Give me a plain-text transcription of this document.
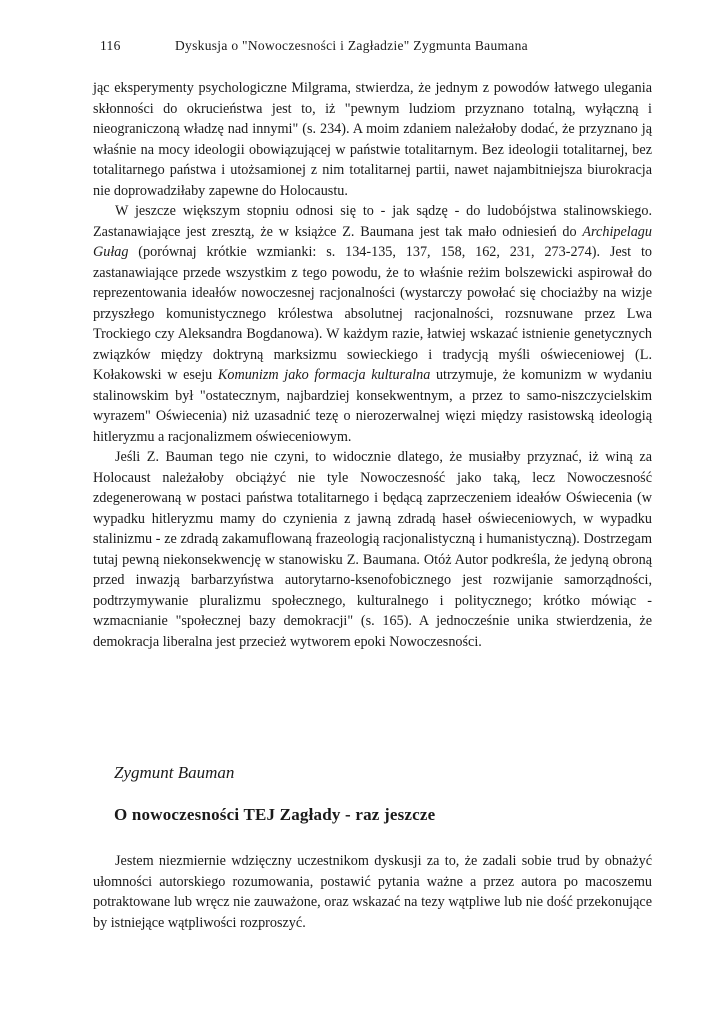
116	Dyskusja o "Nowoczesności i Zagładzie" Zygmunta Baumana

jąc eksperymenty psychologiczne Milgrama, stwierdza, że jednym z powodów łatwego ulegania skłonności do okrucieństwa jest to, iż "pewnym ludziom przyznano totalną, wyłączną i nieograniczoną władzę nad innymi" (s. 234). A moim zdaniem należałoby dodać, że przyznano ją właśnie na mocy ideologii obowiązującej w państwie totalitarnym. Bez ideologii totalitarnej, bez totalitarnego państwa i utożsamionej z nim totalitarnej partii, nawet najambitniejsza biurokracja nie doprowadziłaby zapewne do Holocaustu.

W jeszcze większym stopniu odnosi się to - jak sądzę - do ludobójstwa stalinowskiego. Zastanawiające jest zresztą, że w książce Z. Baumana jest tak mało odniesień do Archipelagu Gułag (porównaj krótkie wzmianki: s. 134-135, 137, 158, 162, 231, 273-274). Jest to zastanawiające przede wszystkim z tego powodu, że to właśnie reżim bolszewicki aspirował do reprezentowania ideałów nowoczesnej racjonalności (wystarczy powołać się chociażby na wizje przyszłego komunistycznego królestwa absolutnej racjonalności, rozsnuwane przez Lwa Trockiego czy Aleksandra Bogdanowa). W każdym razie, łatwiej wskazać istnienie genetycznych związków między doktryną marksizmu sowieckiego i tradycją myśli oświeceniowej (L. Kołakowski w eseju Komunizm jako formacja kulturalna utrzymuje, że komunizm w wydaniu stalinowskim był "ostatecznym, najbardziej konsekwentnym, a przez to samo-niszczycielskim wyrazem" Oświecenia) niż uzasadnić tezę o nierozerwalnej więzi między rasistowską ideologią hitleryzmu a racjonalizmem oświeceniowym.

Jeśli Z. Bauman tego nie czyni, to widocznie dlatego, że musiałby przyznać, iż winą za Holocaust należałoby obciążyć nie tyle Nowoczesność jako taką, lecz Nowoczesność zdegenerowaną w postaci państwa totalitarnego i będącą zaprzeczeniem ideałów Oświecenia (w wypadku hitleryzmu mamy do czynienia z jawną zdradą haseł oświeceniowych, w wypadku stalinizmu - ze zdradą zakamuflowaną frazeologią racjonalistyczną i humanistyczną). Dostrzegam tutaj pewną niekonsekwencję w stanowisku Z. Baumana. Otóż Autor podkreśla, że jedyną obroną przed inwazją barbarzyństwa autorytarno-ksenofobicznego jest rozwijanie samorządności, podtrzymywanie pluralizmu społecznego, kulturalnego i politycznego; krótko mówiąc - wzmacnianie "społecznej bazy demokracji" (s. 165). A jednocześnie unika stwierdzenia, że demokracja liberalna jest przecież wytworem epoki Nowoczesności.

Zygmunt Bauman
O nowoczesności TEJ Zagłady - raz jeszcze

Jestem niezmiernie wdzięczny uczestnikom dyskusji za to, że zadali sobie trud by obnażyć ułomności autorskiego rozumowania, postawić pytania ważne a przez autora po macoszemu potraktowane lub wręcz nie zauważone, oraz wskazać na tezy wątpliwe lub nie dość przekonujące by istniejące wątpliwości rozproszyć.
